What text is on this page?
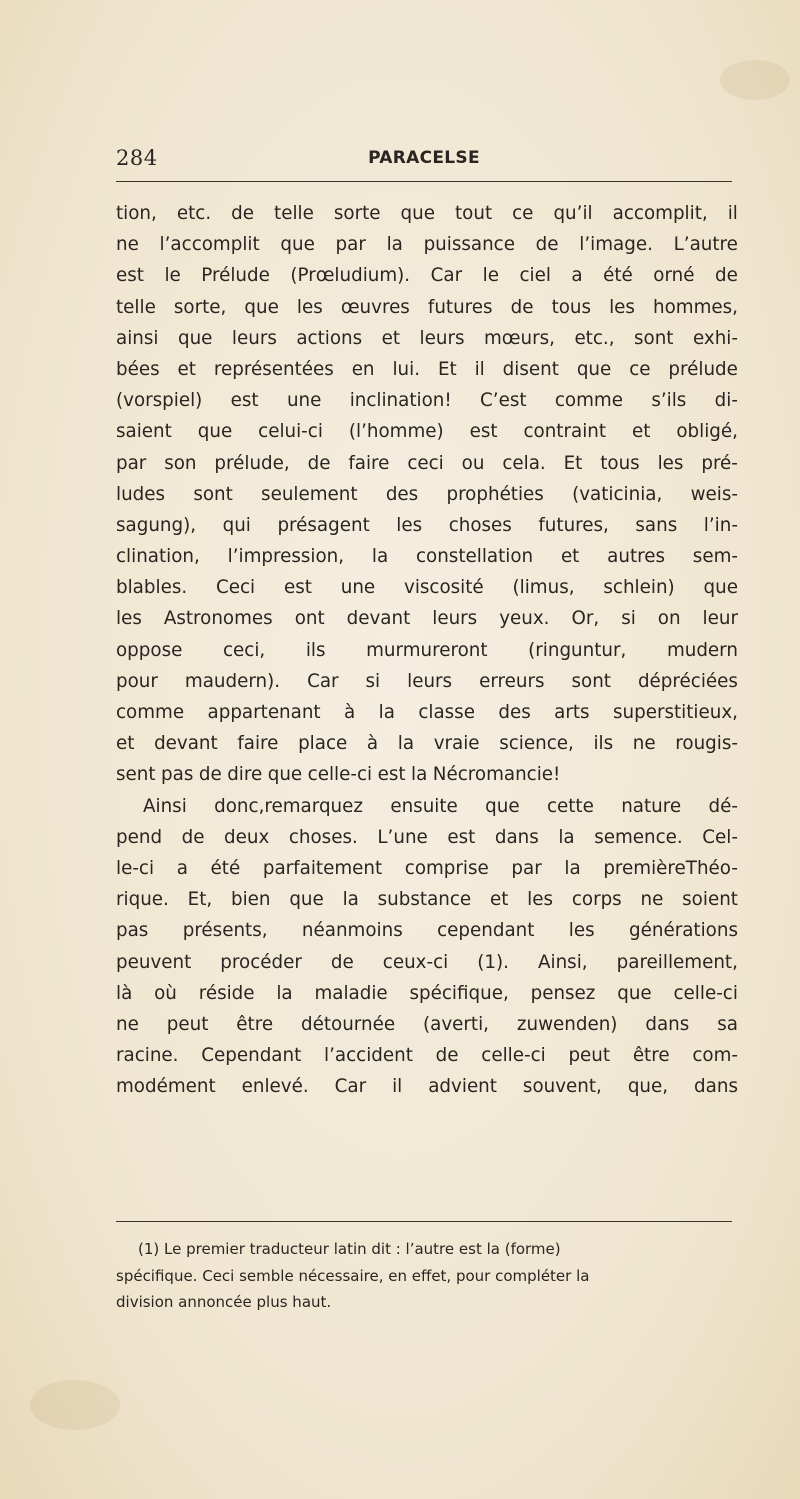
284	PARACELSE
tion, etc. de telle sorte que tout ce qu’il accomplit, il
ne l’accomplit que par la puissance de l’image. L’autre
est le Prélude (Prœludium). Car le ciel a été orné de
telle sorte, que les œuvres futures de tous les hommes,
ainsi que leurs actions et leurs mœurs, etc., sont exhi-
bées et représentées en lui. Et il disent que ce prélude
(vorspiel) est une inclination! C’est comme s’ils di-
saient que celui-ci (l’homme) est contraint et obligé,
par son prélude, de faire ceci ou cela. Et tous les pré-
ludes sont seulement des prophéties (vaticinia, weis-
sagung), qui présagent les choses futures, sans l’in-
clination, l’impression, la constellation et autres sem-
blables. Ceci est une viscosité (limus, schlein) que
les Astronomes ont devant leurs yeux. Or, si on leur
oppose ceci, ils murmureront (ringuntur, mudern
pour maudern). Car si leurs erreurs sont dépréciées
comme appartenant à la classe des arts superstitieux,
et devant faire place à la vraie science, ils ne rougis-
sent pas de dire que celle-ci est la Nécromancie!
Ainsi donc,remarquez ensuite que cette nature dé-
pend de deux choses. L’une est dans la semence. Cel-
le-ci a été parfaitement comprise par la premièreThéo-
rique. Et, bien que la substance et les corps ne soient
pas présents, néanmoins cependant les générations
peuvent procéder de ceux-ci (1). Ainsi, pareillement,
là où réside la maladie spécifique, pensez que celle-ci
ne peut être détournée (averti, zuwenden) dans sa
racine. Cependant l’accident de celle-ci peut être com-
modément enlevé. Car il advient souvent, que, dans
(1) Le premier traducteur latin dit : l’autre est la (forme)
spécifique. Ceci semble nécessaire, en effet, pour compléter la
division annoncée plus haut.
